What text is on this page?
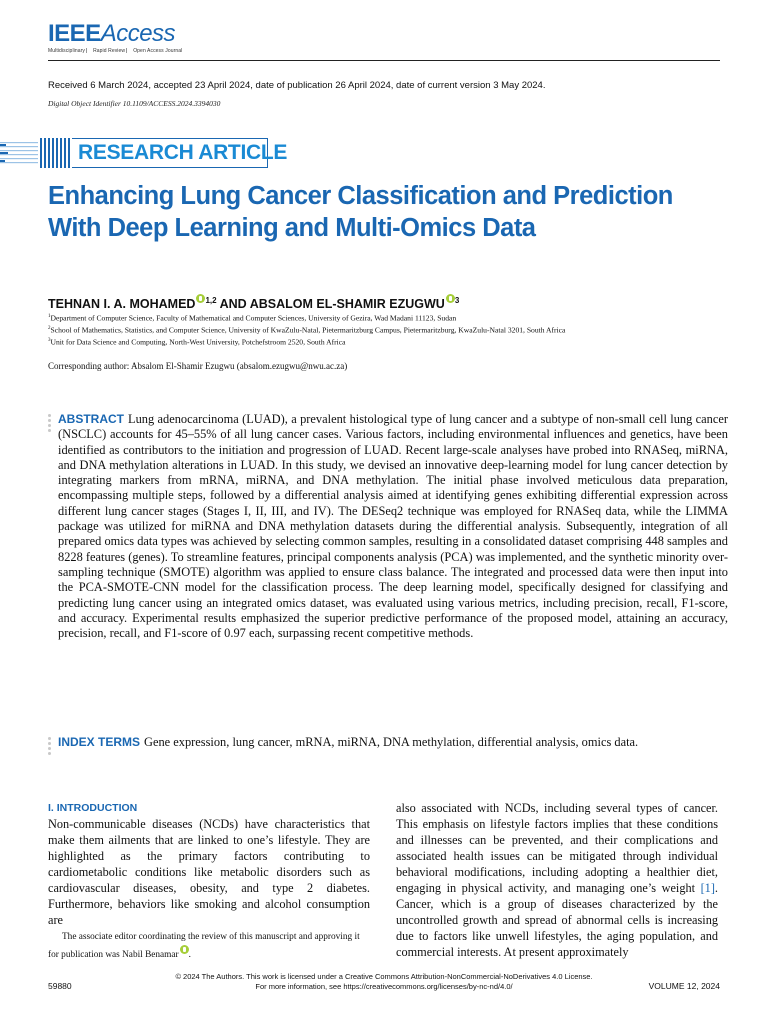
IEEEAccess
Multidisciplinary ⎸ Rapid Review ⎸ Open Access Journal
Received 6 March 2024, accepted 23 April 2024, date of publication 26 April 2024, date of current version 3 May 2024.
Digital Object Identifier 10.1109/ACCESS.2024.3394030
RESEARCH ARTICLE
Enhancing Lung Cancer Classification and Prediction With Deep Learning and Multi-Omics Data
TEHNAN I. A. MOHAMED $^{1,2}$ AND ABSALOM EL-SHAMIR EZUGWU $^3$
$^1$Department of Computer Science, Faculty of Mathematical and Computer Sciences, University of Gezira, Wad Madani 11123, Sudan
$^2$School of Mathematics, Statistics, and Computer Science, University of KwaZulu-Natal, Pietermaritzburg Campus, Pietermaritzburg, KwaZulu-Natal 3201, South Africa
$^3$Unit for Data Science and Computing, North-West University, Potchefstroom 2520, South Africa
Corresponding author: Absalom El-Shamir Ezugwu (absalom.ezugwu@nwu.ac.za)
ABSTRACT Lung adenocarcinoma (LUAD), a prevalent histological type of lung cancer and a subtype of non-small cell lung cancer (NSCLC) accounts for 45–55% of all lung cancer cases. Various factors, including environmental influences and genetics, have been identified as contributors to the initiation and progression of LUAD. Recent large-scale analyses have probed into RNASeq, miRNA, and DNA methylation alterations in LUAD. In this study, we devised an innovative deep-learning model for lung cancer detection by integrating markers from mRNA, miRNA, and DNA methylation. The initial phase involved meticulous data preparation, encompassing multiple steps, followed by a differential analysis aimed at identifying genes exhibiting differential expression across different lung cancer stages (Stages I, II, III, and IV). The DESeq2 technique was employed for RNASeq data, while the LIMMA package was utilized for miRNA and DNA methylation datasets during the differential analysis. Subsequently, integration of all prepared omics data types was achieved by selecting common samples, resulting in a consolidated dataset comprising 448 samples and 8228 features (genes). To streamline features, principal components analysis (PCA) was implemented, and the synthetic minority over-sampling technique (SMOTE) algorithm was applied to ensure class balance. The integrated and processed data were then input into the PCA-SMOTE-CNN model for the classification process. The deep learning model, specifically designed for classifying and predicting lung cancer using an integrated omics dataset, was evaluated using various metrics, including precision, recall, F1-score, and accuracy. Experimental results emphasized the superior predictive performance of the proposed model, attaining an accuracy, precision, recall, and F1-score of 0.97 each, surpassing recent competitive methods.
INDEX TERMS Gene expression, lung cancer, mRNA, miRNA, DNA methylation, differential analysis, omics data.
I. INTRODUCTION
Non-communicable diseases (NCDs) have characteristics that make them ailments that are linked to one’s lifestyle. They are highlighted as the primary factors contributing to cardiometabolic conditions like metabolic disorders such as cardiovascular diseases, obesity, and type 2 diabetes. Furthermore, behaviors like smoking and alcohol consumption are
The associate editor coordinating the review of this manuscript and approving it for publication was Nabil Benamar .
also associated with NCDs, including several types of cancer. This emphasis on lifestyle factors implies that these conditions and illnesses can be prevented, and their complications and associated health issues can be mitigated through individual behavioral modifications, including adopting a healthier diet, engaging in physical activity, and managing one’s weight [1]. Cancer, which is a group of diseases characterized by the uncontrolled growth and spread of abnormal cells is increasing due to factors like unwell lifestyles, the aging population, and commercial interests. At present approximately
59880
© 2024 The Authors. This work is licensed under a Creative Commons Attribution-NonCommercial-NoDerivatives 4.0 License.
For more information, see https://creativecommons.org/licenses/by-nc-nd/4.0/	VOLUME 12, 2024
